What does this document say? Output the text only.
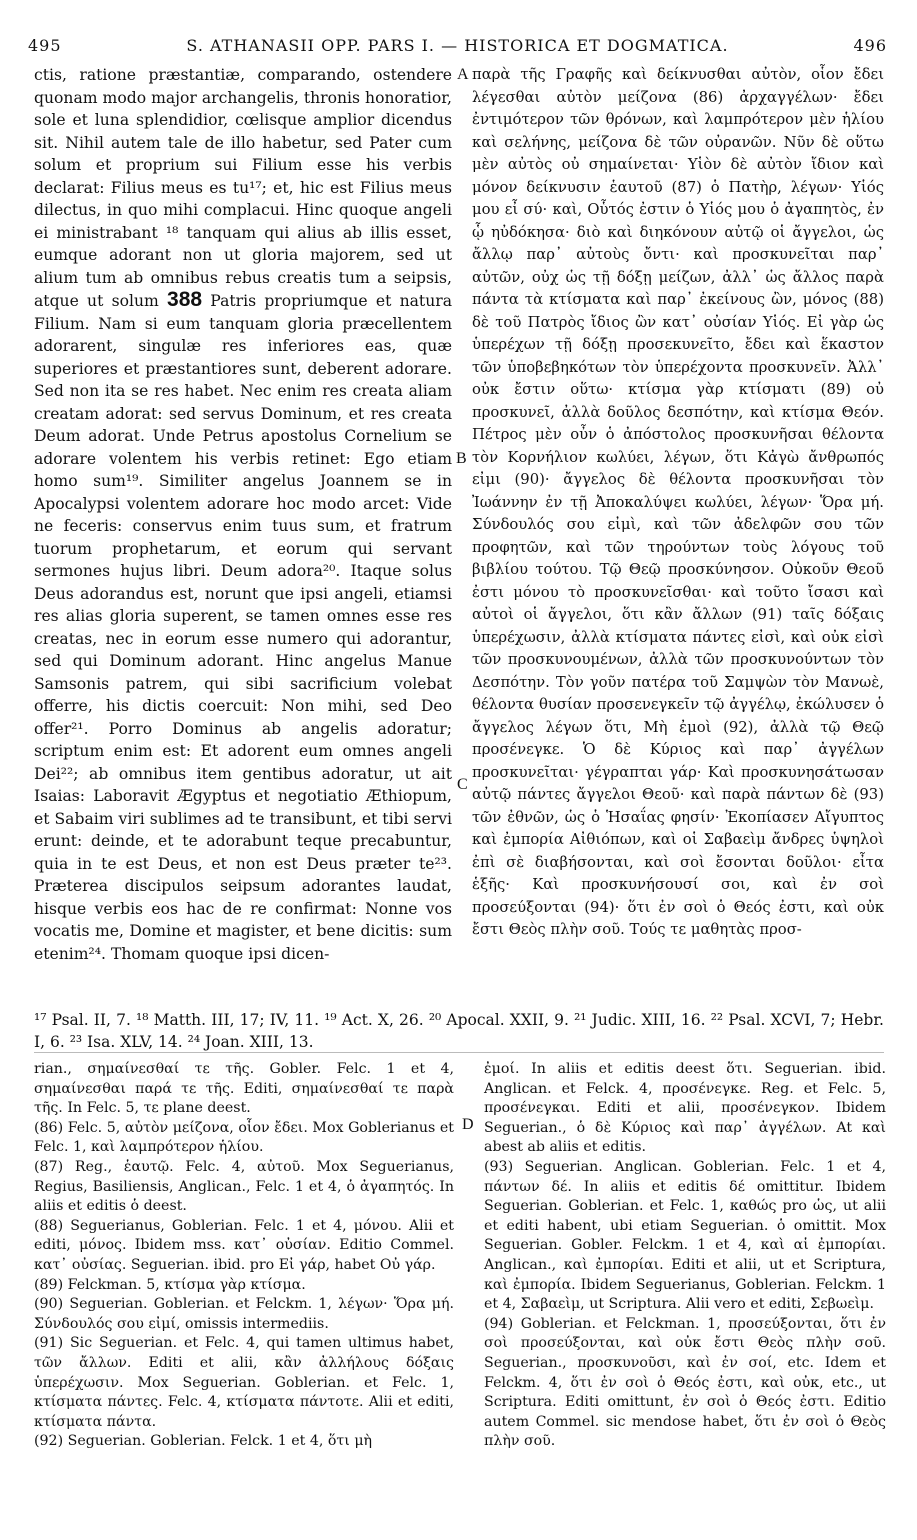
495	S. ATHANASII OPP. PARS I. — HISTORICA ET DOGMATICA.	496

ctis, ratione præstantiæ, comparando, ostendere quonam modo major archangelis, thronis honoratior, sole et luna splendidior, cœlisque amplior dicendus sit. Nihil autem tale de illo habetur, sed Pater cum solum et proprium sui Filium esse his verbis declarat: Filius meus es tu¹⁷; et, hic est Filius meus dilectus, in quo mihi complacui. Hinc quoque angeli ei ministrabant ¹⁸ tanquam qui alius ab illis esset, eumque adorant non ut gloria majorem, sed ut alium tum ab omnibus rebus creatis tum a seipsis, atque ut solum 388 Patris propriumque et natura Filium. Nam si eum tanquam gloria præcellentem adorarent, singulæ res inferiores eas, quæ superiores et præstantiores sunt, deberent adorare. Sed non ita se res habet. Nec enim res creata aliam creatam adorat: sed servus Dominum, et res creata Deum adorat. Unde Petrus apostolus Cornelium se adorare volentem his verbis retinet: Ego etiam homo sum¹⁹. Similiter angelus Joannem se in Apocalypsi volentem adorare hoc modo arcet: Vide ne feceris: conservus enim tuus sum, et fratrum tuorum prophetarum, et eorum qui servant sermones hujus libri. Deum adora²⁰. Itaque solus Deus adorandus est, norunt que ipsi angeli, etiamsi res alias gloria superent, se tamen omnes esse res creatas, nec in eorum esse numero qui adorantur, sed qui Dominum adorant. Hinc angelus Manue Samsonis patrem, qui sibi sacrificium volebat offerre, his dictis coercuit: Non mihi, sed Deo offer²¹. Porro Dominus ab angelis adoratur; scriptum enim est: Et adorent eum omnes angeli Dei²²; ab omnibus item gentibus adoratur, ut ait Isaias: Laboravit Ægyptus et negotiatio Æthiopum, et Sabaim viri sublimes ad te transibunt, et tibi servi erunt: deinde, et te adorabunt teque precabuntur, quia in te est Deus, et non est Deus præter te²³. Præterea discipulos seipsum adorantes laudat, hisque verbis eos hac de re confirmat: Nonne vos vocatis me, Domine et magister, et bene dicitis: sum etenim²⁴. Thomam quoque ipsi dicen-

A
B
C
D

παρὰ τῆς Γραφῆς καὶ δείκνυσθαι αὐτὸν, οἷον ἔδει λέγεσθαι αὐτὸν μείζονα (86) ἀρχαγγέλων· ἔδει ἐντιμότερον τῶν θρόνων, καὶ λαμπρότερον μὲν ἡλίου καὶ σελήνης, μείζονα δὲ τῶν οὐρανῶν. Νῦν δὲ οὕτω μὲν αὐτὸς οὐ σημαίνεται· Υἱὸν δὲ αὐτὸν ἴδιον καὶ μόνον δείκνυσιν ἑαυτοῦ (87) ὁ Πατὴρ, λέγων· Υἱός μου εἶ σύ· καὶ, Οὗτός ἐστιν ὁ Υἱός μου ὁ ἀγαπητὸς, ἐν ᾧ ηὐδόκησα· διὸ καὶ διηκόνουν αὐτῷ οἱ ἄγγελοι, ὡς ἄλλῳ παρ᾽ αὐτοὺς ὄντι· καὶ προσκυνεῖται παρ᾽ αὐτῶν, οὐχ ὡς τῇ δόξῃ μείζων, ἀλλ᾽ ὡς ἄλλος παρὰ πάντα τὰ κτίσματα καὶ παρ᾽ ἐκείνους ὢν, μόνος (88) δὲ τοῦ Πατρὸς ἴδιος ὢν κατ᾽ οὐσίαν Υἱός. Εἰ γὰρ ὡς ὑπερέχων τῇ δόξῃ προσεκυνεῖτο, ἔδει καὶ ἕκαστον τῶν ὑποβεβηκότων τὸν ὑπερέχοντα προσκυνεῖν. Ἀλλ᾽ οὐκ ἔστιν οὕτω· κτίσμα γὰρ κτίσματι (89) οὐ προσκυνεῖ, ἀλλὰ δοῦλος δεσπότην, καὶ κτίσμα Θεόν. Πέτρος μὲν οὖν ὁ ἀπόστολος προσκυνῆσαι θέλοντα τὸν Κορνήλιον κωλύει, λέγων, ὅτι Κἀγὼ ἄνθρωπός εἰμι (90)· ἄγγελος δὲ θέλοντα προσκυνῆσαι τὸν Ἰωάννην ἐν τῇ Ἀποκαλύψει κωλύει, λέγων· Ὅρα μή. Σύνδουλός σου εἰμὶ, καὶ τῶν ἀδελφῶν σου τῶν προφητῶν, καὶ τῶν τηρούντων τοὺς λόγους τοῦ βιβλίου τούτου. Τῷ Θεῷ προσκύνησον. Οὐκοῦν Θεοῦ ἐστι μόνου τὸ προσκυνεῖσθαι· καὶ τοῦτο ἴσασι καὶ αὐτοὶ οἱ ἄγγελοι, ὅτι κἂν ἄλλων (91) ταῖς δόξαις ὑπερέχωσιν, ἀλλὰ κτίσματα πάντες εἰσὶ, καὶ οὐκ εἰσὶ τῶν προσκυνουμένων, ἀλλὰ τῶν προσκυνούντων τὸν Δεσπότην. Τὸν γοῦν πατέρα τοῦ Σαμψὼν τὸν Μανωὲ, θέλοντα θυσίαν προσενεγκεῖν τῷ ἀγγέλῳ, ἐκώλυσεν ὁ ἄγγελος λέγων ὅτι, Μὴ ἐμοὶ (92), ἀλλὰ τῷ Θεῷ προσένεγκε. Ὁ δὲ Κύριος καὶ παρ᾽ ἀγγέλων προσκυνεῖται· γέγραπται γάρ· Καὶ προσκυνησάτωσαν αὐτῷ πάντες ἄγγελοι Θεοῦ· καὶ παρὰ πάντων δὲ (93) τῶν ἐθνῶν, ὡς ὁ Ἡσαΐας φησίν· Ἐκοπίασεν Αἴγυπτος καὶ ἐμπορία Αἰθιόπων, καὶ οἱ Σαβαεὶμ ἄνδρες ὑψηλοὶ ἐπὶ σὲ διαβήσονται, καὶ σοὶ ἔσονται δοῦλοι· εἶτα ἑξῆς· Καὶ προσκυνήσουσί σοι, καὶ ἐν σοὶ προσεύξονται (94)· ὅτι ἐν σοὶ ὁ Θεός ἐστι, καὶ οὐκ ἔστι Θεὸς πλὴν σοῦ. Τούς τε μαθητὰς προσ-

¹⁷ Psal. II, 7. ¹⁸ Matth. III, 17; IV, 11. ¹⁹ Act. X, 26. ²⁰ Apocal. XXII, 9. ²¹ Judic. XIII, 16. ²² Psal. XCVI, 7; Hebr. I, 6. ²³ Isa. XLV, 14. ²⁴ Joan. XIII, 13.

rian., σημαίνεσθαί τε τῆς. Gobler. Felc. 1 et 4, σημαίνεσθαι παρά τε τῆς. Editi, σημαίνεσθαί τε παρὰ τῆς. In Felc. 5, τε plane deest.

(86) Felc. 5, αὐτὸν μείζονα, οἷον ἔδει. Mox Goblerianus et Felc. 1, καὶ λαμπρότερον ἡλίου.

(87) Reg., ἑαυτῷ. Felc. 4, αὐτοῦ. Mox Seguerianus, Regius, Basiliensis, Anglican., Felc. 1 et 4, ὁ ἀγαπητός. In aliis et editis ὁ deest.

(88) Seguerianus, Goblerian. Felc. 1 et 4, μόνου. Alii et editi, μόνος. Ibidem mss. κατ᾽ οὐσίαν. Editio Commel. κατ᾽ οὐσίας. Seguerian. ibid. pro Εἰ γάρ, habet Οὐ γάρ.

(89) Felckman. 5, κτίσμα γὰρ κτίσμα.

(90) Seguerian. Goblerian. et Felckm. 1, λέγων· Ὅρα μή. Σύνδουλός σου εἰμί, omissis intermediis.

(91) Sic Seguerian. et Felc. 4, qui tamen ultimus habet, τῶν ἄλλων. Editi et alii, κἂν ἀλλήλους δόξαις ὑπερέχωσιν. Mox Seguerian. Goblerian. et Felc. 1, κτίσματα πάντες. Felc. 4, κτίσματα πάντοτε. Alii et editi, κτίσματα πάντα.

(92) Seguerian. Goblerian. Felck. 1 et 4, ὅτι μὴ

ἐμοί. In aliis et editis deest ὅτι. Seguerian. ibid. Anglican. et Felck. 4, προσένεγκε. Reg. et Felc. 5, προσένεγκαι. Editi et alii, προσένεγκον. Ibidem Seguerian., ὁ δὲ Κύριος καὶ παρ᾽ ἀγγέλων. At καὶ abest ab aliis et editis.

(93) Seguerian. Anglican. Goblerian. Felc. 1 et 4, πάντων δέ. In aliis et editis δέ omittitur. Ibidem Seguerian. Goblerian. et Felc. 1, καθώς pro ὡς, ut alii et editi habent, ubi etiam Seguerian. ὁ omittit. Mox Seguerian. Gobler. Felckm. 1 et 4, καὶ αἱ ἐμπορίαι. Anglican., καὶ ἐμπορίαι. Editi et alii, ut et Scriptura, καὶ ἐμπορία. Ibidem Seguerianus, Goblerian. Felckm. 1 et 4, Σαβαεὶμ, ut Scriptura. Alii vero et editi, Σεβωεὶμ.

(94) Goblerian. et Felckman. 1, προσεύξονται, ὅτι ἐν σοὶ προσεύξονται, καὶ οὐκ ἔστι Θεὸς πλὴν σοῦ. Seguerian., προσκυνοῦσι, καὶ ἐν σοί, etc. Idem et Felckm. 4, ὅτι ἐν σοὶ ὁ Θεός ἐστι, καὶ οὐκ, etc., ut Scriptura. Editi omittunt, ἐν σοὶ ὁ Θεός ἐστι. Editio autem Commel. sic mendose habet, ὅτι ἐν σοὶ ὁ Θεὸς πλὴν σοῦ.
